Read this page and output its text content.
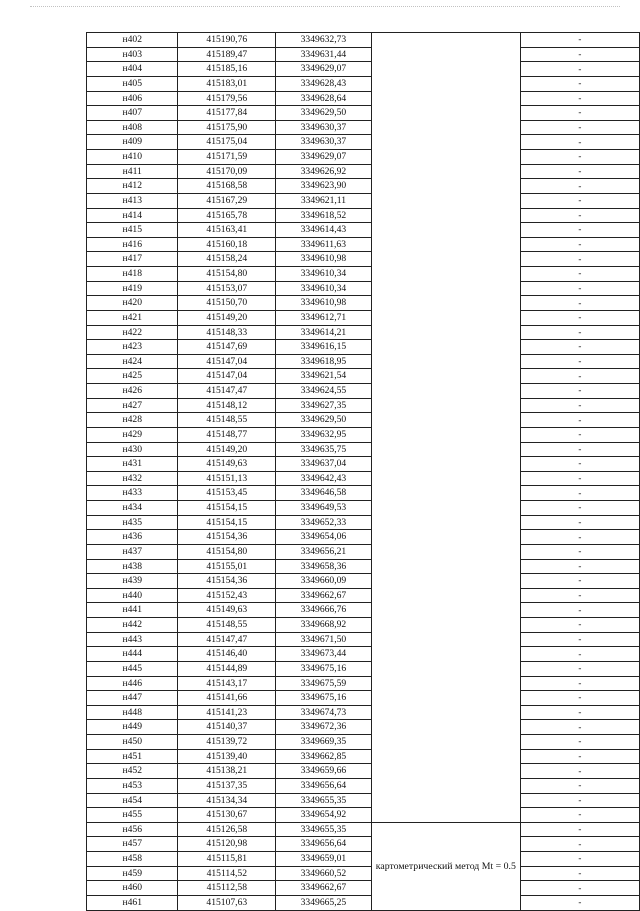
н402	415190,76	3349632,73		-
н403	415189,47	3349631,44		-
н404	415185,16	3349629,07		-
н405	415183,01	3349628,43		-
н406	415179,56	3349628,64		-
н407	415177,84	3349629,50		-
н408	415175,90	3349630,37		-
н409	415175,04	3349630,37		-
н410	415171,59	3349629,07		-
н411	415170,09	3349626,92		-
н412	415168,58	3349623,90		-
н413	415167,29	3349621,11		-
н414	415165,78	3349618,52		-
н415	415163,41	3349614,43		-
н416	415160,18	3349611,63		-
н417	415158,24	3349610,98		-
н418	415154,80	3349610,34		-
н419	415153,07	3349610,34		-
н420	415150,70	3349610,98		-
н421	415149,20	3349612,71		-
н422	415148,33	3349614,21		-
н423	415147,69	3349616,15		-
н424	415147,04	3349618,95		-
н425	415147,04	3349621,54		-
н426	415147,47	3349624,55		-
н427	415148,12	3349627,35		-
н428	415148,55	3349629,50		-
н429	415148,77	3349632,95		-
н430	415149,20	3349635,75		-
н431	415149,63	3349637,04		-
н432	415151,13	3349642,43		-
н433	415153,45	3349646,58		-
н434	415154,15	3349649,53		-
н435	415154,15	3349652,33		-
н436	415154,36	3349654,06		-
н437	415154,80	3349656,21		-
н438	415155,01	3349658,36		-
н439	415154,36	3349660,09		-
н440	415152,43	3349662,67		-
н441	415149,63	3349666,76		-
н442	415148,55	3349668,92		-
н443	415147,47	3349671,50		-
н444	415146,40	3349673,44		-
н445	415144,89	3349675,16		-
н446	415143,17	3349675,59		-
н447	415141,66	3349675,16		-
н448	415141,23	3349674,73		-
н449	415140,37	3349672,36		-
н450	415139,72	3349669,35		-
н451	415139,40	3349662,85		-
н452	415138,21	3349659,66		-
н453	415137,35	3349656,64		-
н454	415134,34	3349655,35		-
н455	415130,67	3349654,92		-
н456	415126,58	3349655,35	картометрический метод Mt = 0.5	-
н457	415120,98	3349656,64		-
н458	415115,81	3349659,01		-
н459	415114,52	3349660,52		-
н460	415112,58	3349662,67		-
н461	415107,63	3349665,25		-
